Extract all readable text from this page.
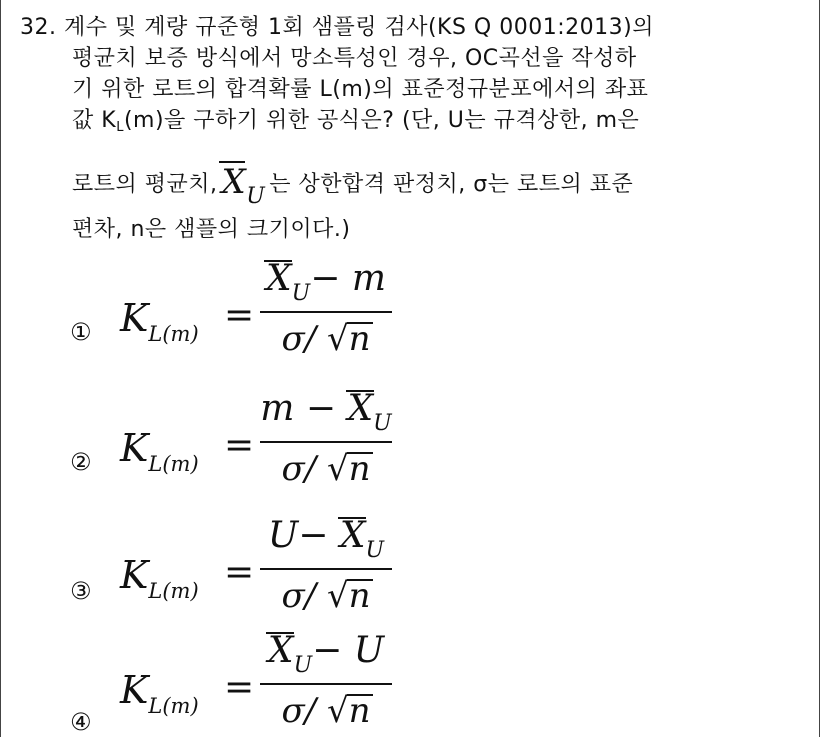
32. 계수 및 계량 규준형 1회 샘플링 검사(KS Q 0001:2013)의
평균치 보증 방식에서 망소특성인 경우, OC곡선을 작성하
기 위한 로트의 합격확률 L(m)의 표준정규분포에서의 좌표
값 $K_L(m)$을 구하기 위한 공식은? (단, U는 규격상한, m은
로트의 평균치, $X_U$ 는 상한합격 판정치, σ는 로트의 표준
편차, n은 샘플의 크기이다.)
① $K_{L(m)}$ =
$X_U- m$
σ/ √
n
② $K_{L(m)}$ =
$m - X_U$
σ/ √
n
③ $K_{L(m)}$ =
$U- X_U$
σ/ √
n
④
$K_{L(m)}$ =
$X_U- U$
σ/ √
n
